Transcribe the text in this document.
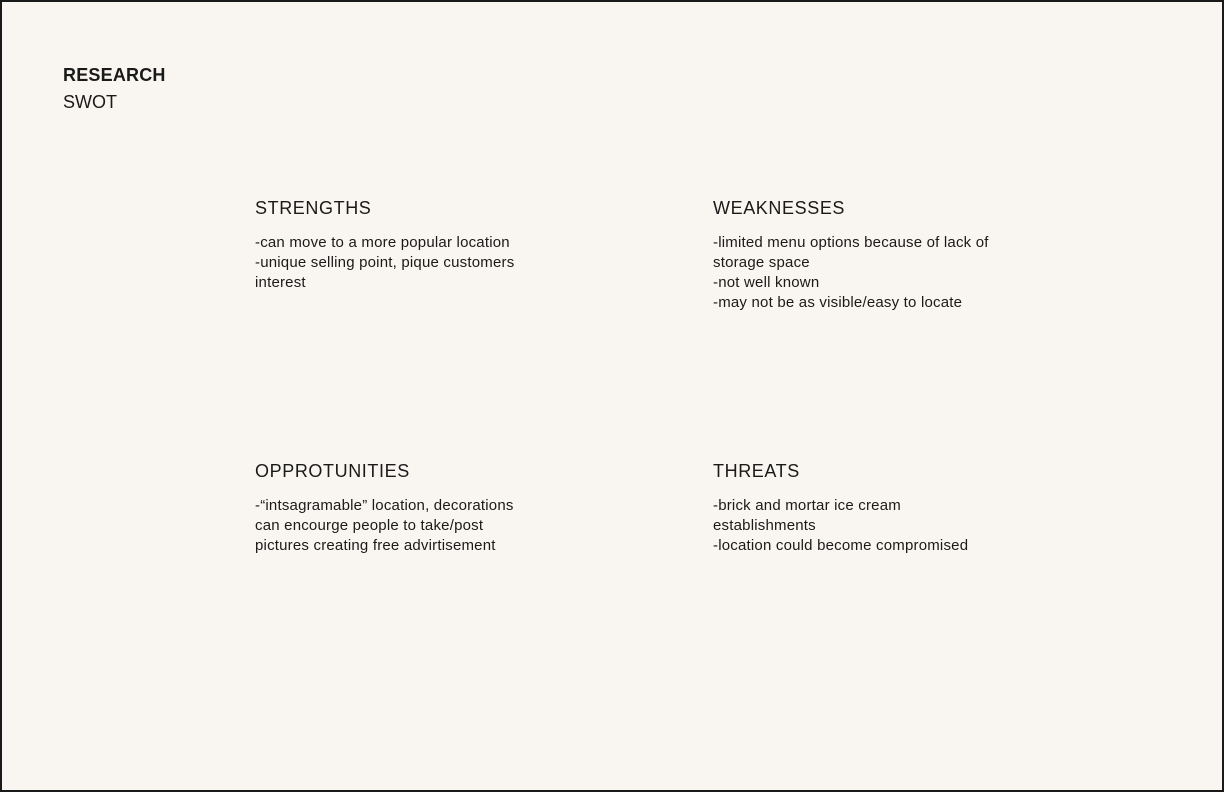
RESEARCH
SWOT
STRENGTHS
-can move to a more popular location
-unique selling point, pique customers interest
WEAKNESSES
-limited menu options because of lack of storage space
-not well known
-may not be as visible/easy to locate
OPPROTUNITIES
-“intsagramable” location, decorations can encourge people to take/post pictures creating free advirtisement
THREATS
-brick and mortar ice cream establishments
-location could become compromised
